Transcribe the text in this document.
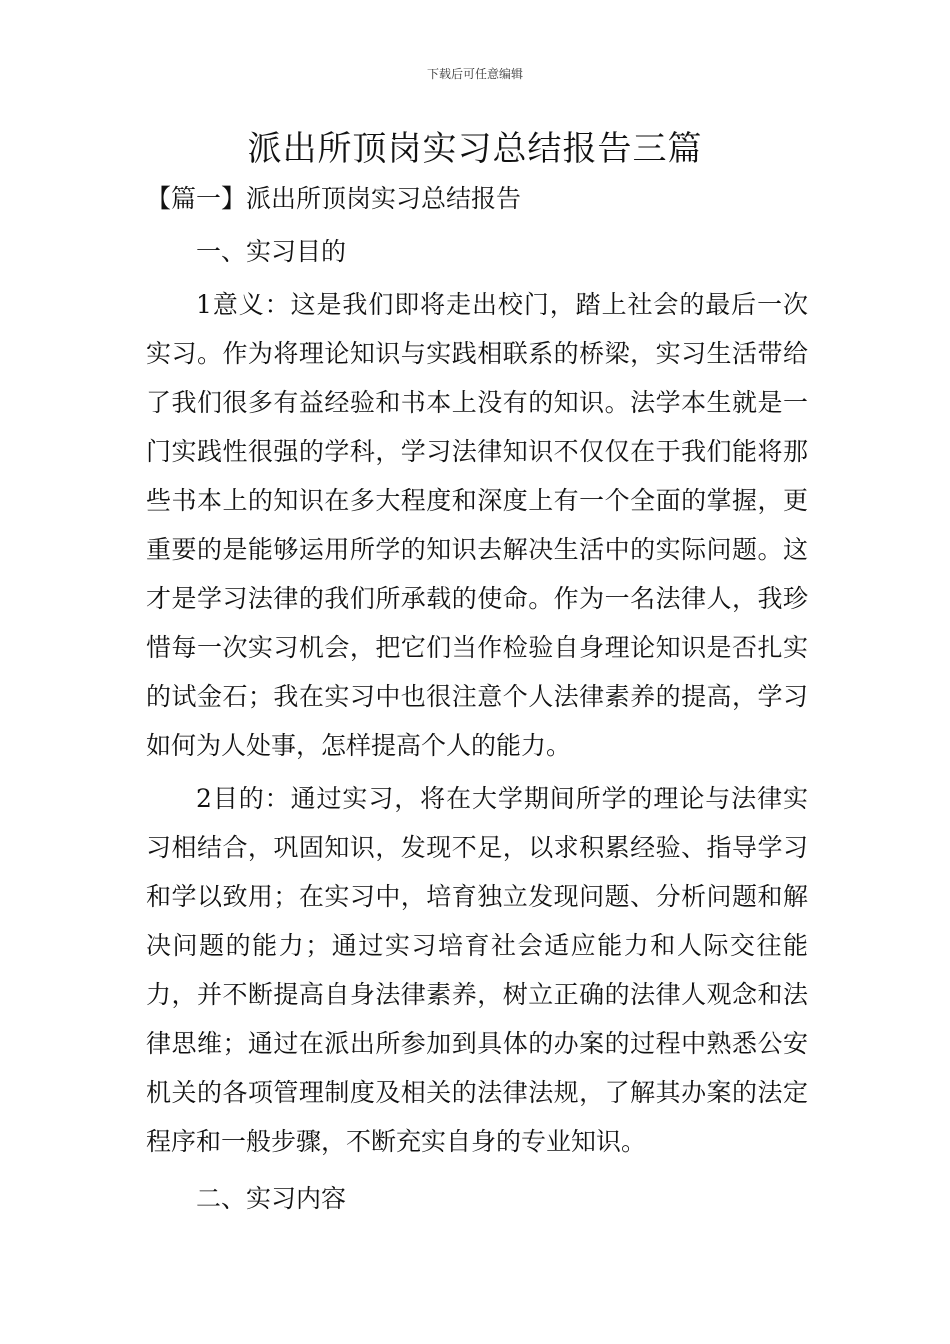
下载后可任意编辑
派出所顶岗实习总结报告三篇

【篇一】派出所顶岗实习总结报告

一、实习目的

1意义：这是我们即将走出校门，踏上社会的最后一次实习。作为将理论知识与实践相联系的桥梁，实习生活带给了我们很多有益经验和书本上没有的知识。法学本生就是一门实践性很强的学科，学习法律知识不仅仅在于我们能将那些书本上的知识在多大程度和深度上有一个全面的掌握，更重要的是能够运用所学的知识去解决生活中的实际问题。这才是学习法律的我们所承载的使命。作为一名法律人，我珍惜每一次实习机会，把它们当作检验自身理论知识是否扎实的试金石；我在实习中也很注意个人法律素养的提高，学习如何为人处事，怎样提高个人的能力。

2目的：通过实习，将在大学期间所学的理论与法律实习相结合，巩固知识，发现不足，以求积累经验、指导学习和学以致用；在实习中，培育独立发现问题、分析问题和解决问题的能力；通过实习培育社会适应能力和人际交往能力，并不断提高自身法律素养，树立正确的法律人观念和法律思维；通过在派出所参加到具体的办案的过程中熟悉公安机关的各项管理制度及相关的法律法规，了解其办案的法定程序和一般步骤，不断充实自身的专业知识。

二、实习内容
